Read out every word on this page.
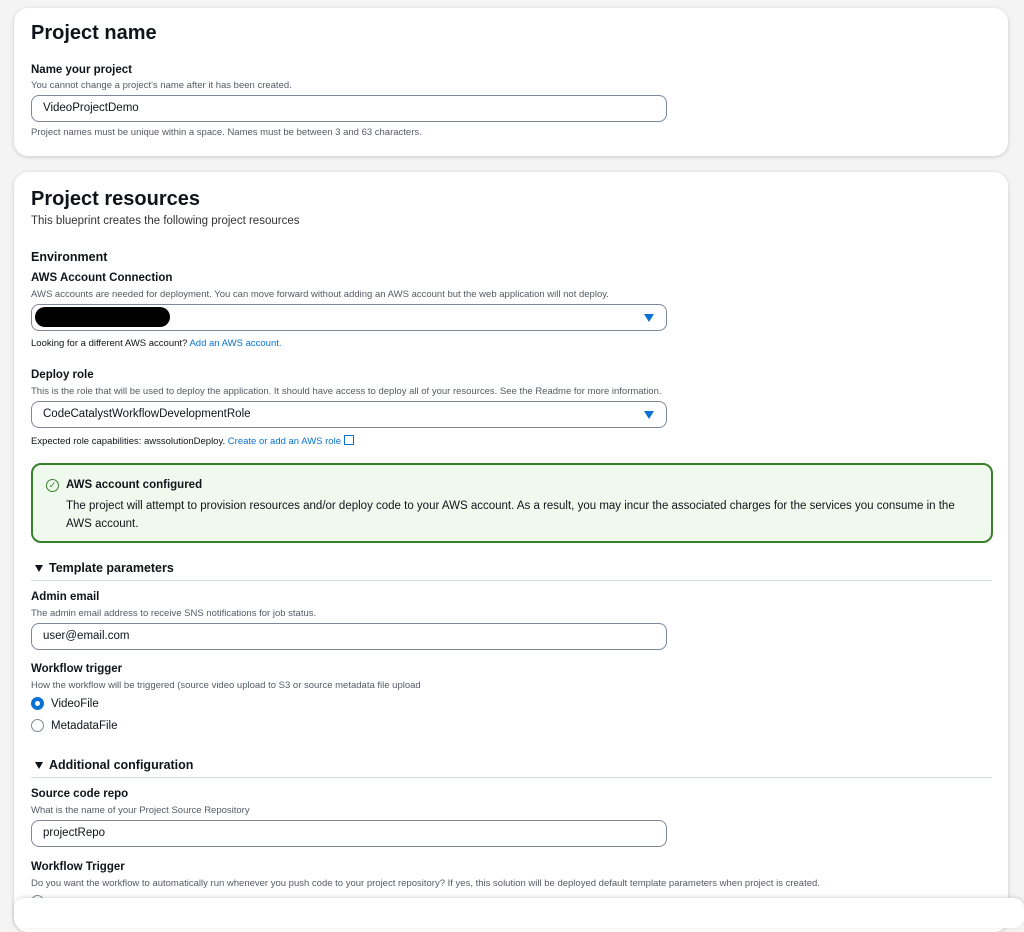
Project name
Name your project
You cannot change a project's name after it has been created.
VideoProjectDemo
Project names must be unique within a space. Names must be between 3 and 63 characters.
Project resources
This blueprint creates the following project resources
Environment
AWS Account Connection
AWS accounts are needed for deployment. You can move forward without adding an AWS account but the web application will not deploy.
Looking for a different AWS account? Add an AWS account.
Deploy role
This is the role that will be used to deploy the application. It should have access to deploy all of your resources. See the Readme for more information.
CodeCatalystWorkflowDevelopmentRole
Expected role capabilities: awssolutionDeploy. Create or add an AWS role
✓ AWS account configured
The project will attempt to provision resources and/or deploy code to your AWS account. As a result, you may incur the associated charges for the services you consume in the AWS account.
Template parameters
Admin email
The admin email address to receive SNS notifications for job status.
user@email.com
Workflow trigger
How the workflow will be triggered (source video upload to S3 or source metadata file upload
VideoFile
MetadataFile
Additional configuration
Source code repo
What is the name of your Project Source Repository
projectRepo
Workflow Trigger
Do you want the workflow to automatically run whenever you push code to your project repository? If yes, this solution will be deployed default template parameters when project is created.
